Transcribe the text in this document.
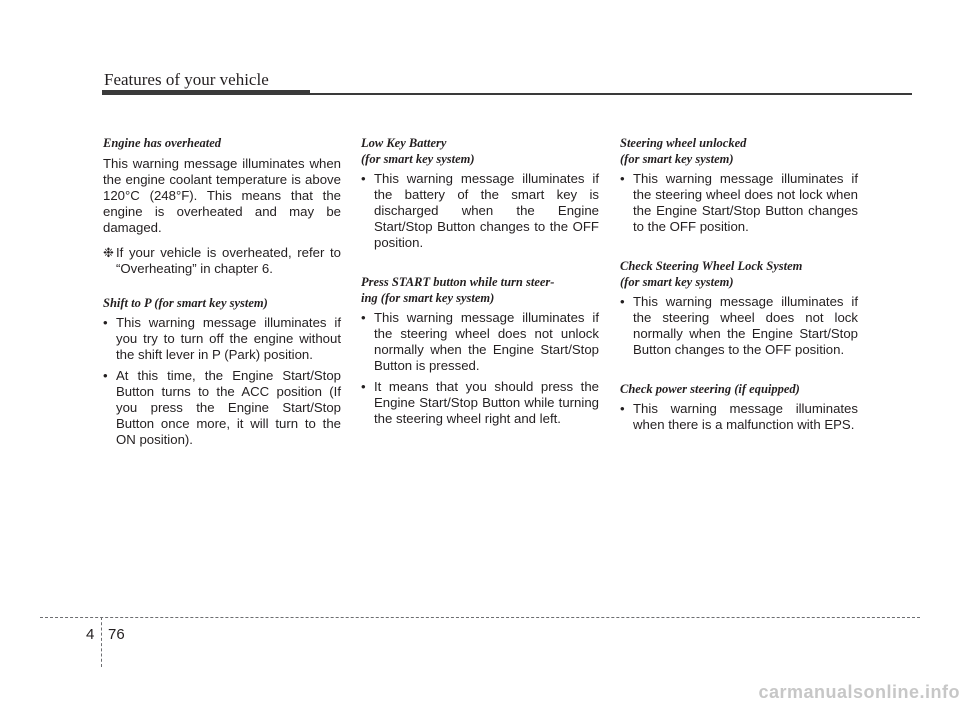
Features of your vehicle
Engine has overheated

This warning message illuminates when the engine coolant temperature is above 120°C (248°F). This means that the engine is overheated and may be damaged.

❉ If your vehicle is overheated, refer to “Overheating” in chapter 6.

Shift to P (for smart key system)
• This warning message illuminates if you try to turn off the engine without the shift lever in P (Park) position.
• At this time, the Engine Start/Stop Button turns to the ACC position (If you press the Engine Start/Stop Button once more, it will turn to the ON position).
Low Key Battery
(for smart key system)
• This warning message illuminates if the battery of the smart key is discharged when the Engine Start/Stop Button changes to the OFF position.
Press START button while turn steer-
ing (for smart key system)
• This warning message illuminates if the steering wheel does not unlock normally when the Engine Start/Stop Button is pressed.
• It means that you should press the Engine Start/Stop Button while turning the steering wheel right and left.
Steering wheel unlocked
(for smart key system)
• This warning message illuminates if the steering wheel does not lock when the Engine Start/Stop Button changes to the OFF position.
Check Steering Wheel Lock System
(for smart key system)
• This warning message illuminates if the steering wheel does not lock normally when the Engine Start/Stop Button changes to the OFF position.
Check power steering (if equipped)
• This warning message illuminates when there is a malfunction with EPS.
4 76
carmanualsonline.info
